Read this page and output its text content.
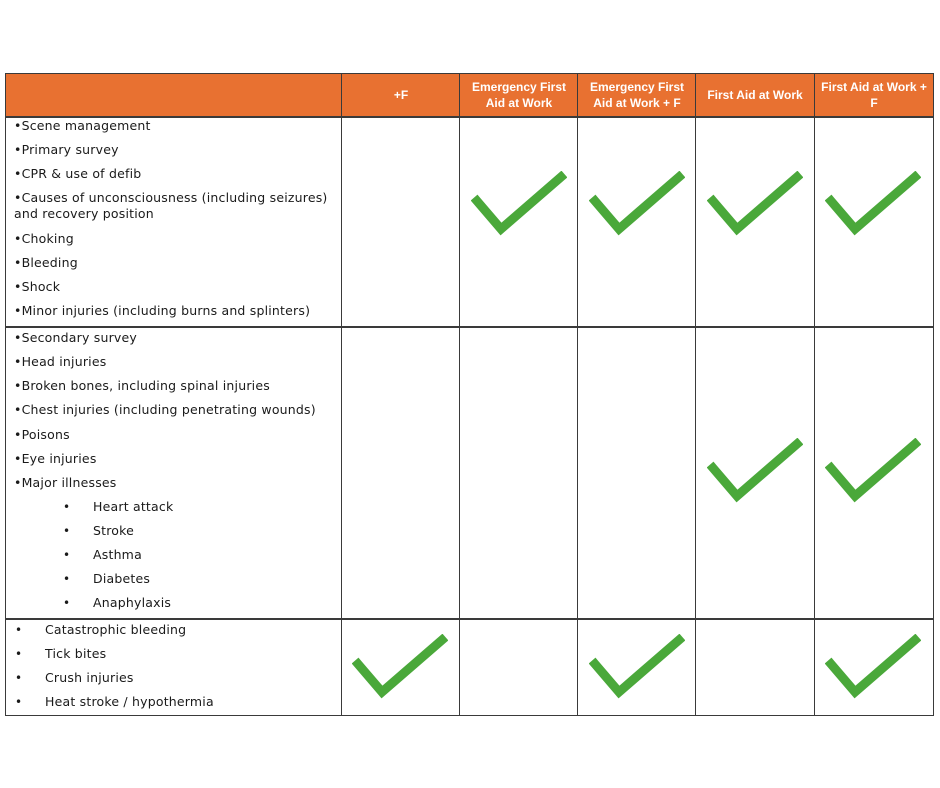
+F
Emergency First Aid at Work
Emergency First Aid at Work + F
First Aid at Work
First Aid at Work + F
•Scene management
•Primary survey
•CPR & use of defib
•Causes of unconsciousness (including seizures) and recovery position
•Choking
•Bleeding
•Shock
•Minor injuries (including burns and splinters)
•Secondary survey
•Head injuries
•Broken bones, including spinal injuries
•Chest injuries (including penetrating wounds)
•Poisons
•Eye injuries
•Major illnesses
• Heart attack
• Stroke
• Asthma
• Diabetes
• Anaphylaxis
• Catastrophic bleeding
• Tick bites
• Crush injuries
• Heat stroke / hypothermia
